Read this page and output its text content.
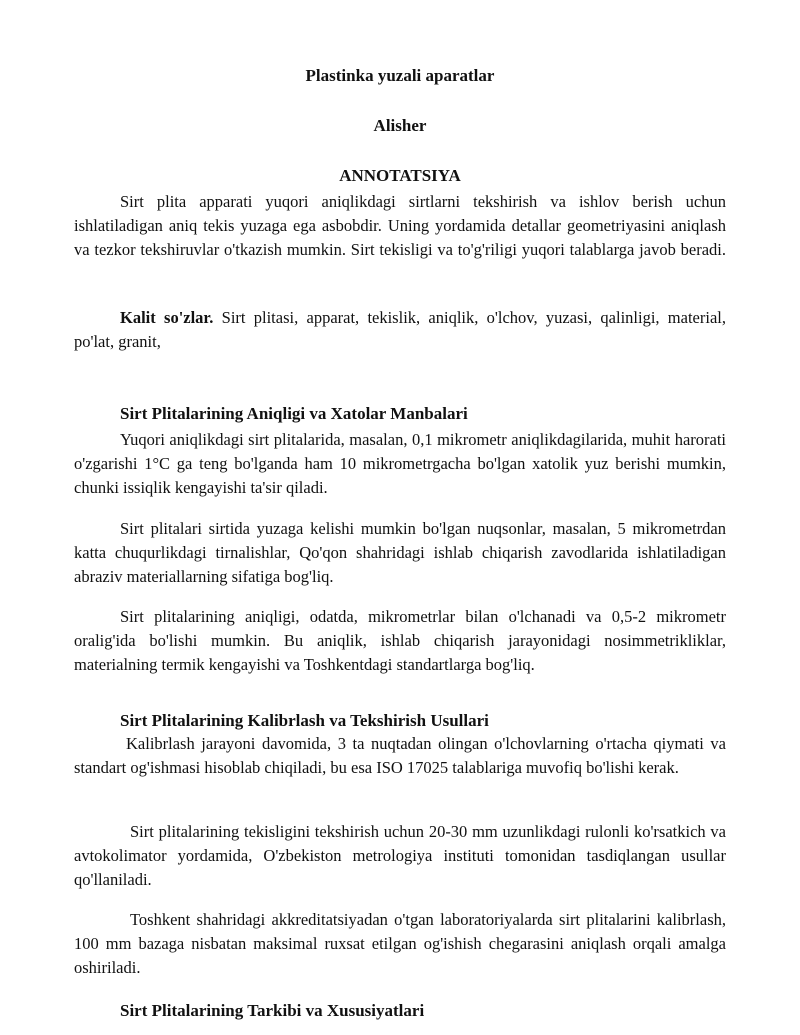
Plastinka yuzali aparatlar

Alisher

ANNOTATSIYA

Sirt plita apparati yuqori aniqlikdagi sirtlarni tekshirish va ishlov berish uchun ishlatiladigan aniq tekis yuzaga ega asbobdir. Uning yordamida detallar geometriyasini aniqlash va tezkor tekshiruvlar o'tkazish mumkin. Sirt tekisligi va to'g'riligi yuqori talablarga javob beradi.

Kalit so'zlar. Sirt plitasi, apparat, tekislik, aniqlik, o'lchov, yuzasi, qalinligi, material, po'lat, granit,

Sirt Plitalarining Aniqligi va Xatolar Manbalari

Yuqori aniqlikdagi sirt plitalarida, masalan, 0,1 mikrometr aniqlikdagilarida, muhit harorati o'zgarishi 1°C ga teng bo'lganda ham 10 mikrometrgacha bo'lgan xatolik yuz berishi mumkin, chunki issiqlik kengayishi ta'sir qiladi.

Sirt plitalari sirtida yuzaga kelishi mumkin bo'lgan nuqsonlar, masalan, 5 mikrometrdan katta chuqurlikdagi tirnalishlar, Qo'qon shahridagi ishlab chiqarish zavodlarida ishlatiladigan abraziv materiallarning sifatiga bog'liq.

Sirt plitalarining aniqligi, odatda, mikrometrlar bilan o'lchanadi va 0,5-2 mikrometr oralig'ida bo'lishi mumkin. Bu aniqlik, ishlab chiqarish jarayonidagi nosimmetrikliklar, materialning termik kengayishi va Toshkentdagi standartlarga bog'liq.

Sirt Plitalarining Kalibrlash va Tekshirish Usullari

Kalibrlash jarayoni davomida, 3 ta nuqtadan olingan o'lchovlarning o'rtacha qiymati va standart og'ishmasi hisoblab chiqiladi, bu esa ISO 17025 talablariga muvofiq bo'lishi kerak.

Sirt plitalarining tekisligini tekshirish uchun 20-30 mm uzunlikdagi rulonli ko'rsatkich va avtokolimator yordamida, O'zbekiston metrologiya instituti tomonidan tasdiqlangan usullar qo'llaniladi.

Toshkent shahridagi akkreditatsiyadan o'tgan laboratoriyalarda sirt plitalarini kalibrlash, 100 mm bazaga nisbatan maksimal ruxsat etilgan og'ishish chegarasini aniqlash orqali amalga oshiriladi.

Sirt Plitalarining Tarkibi va Xususiyatlari
